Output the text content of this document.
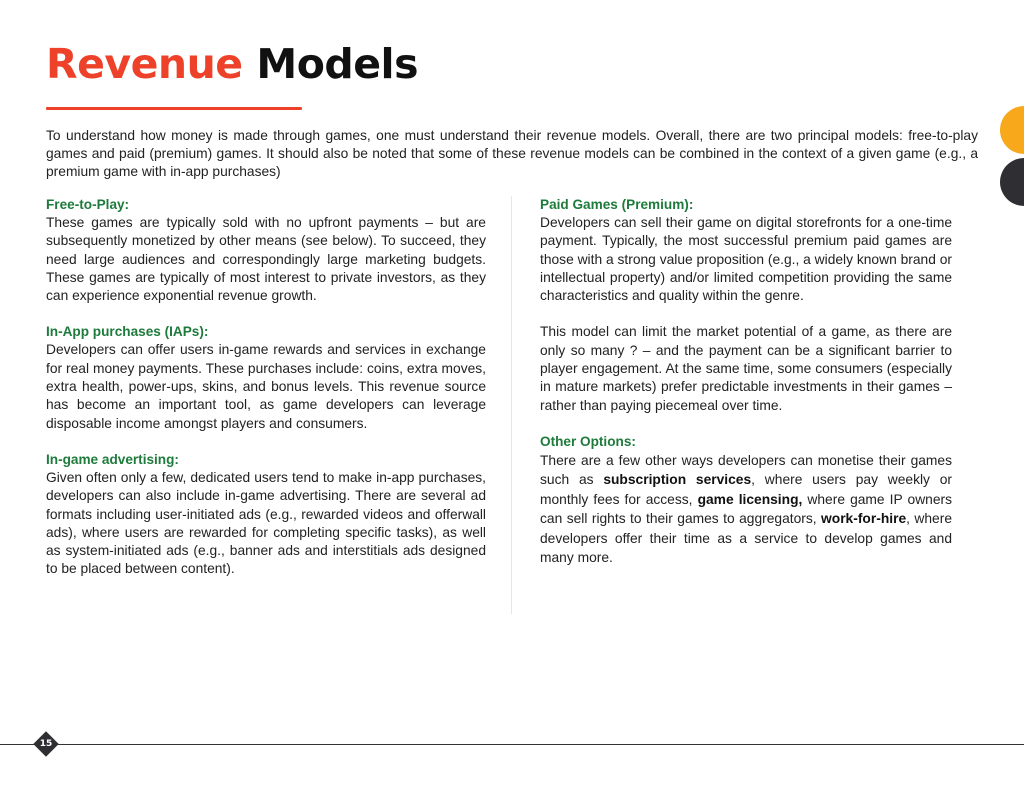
Revenue Models

To understand how money is made through games, one must understand their revenue models. Overall, there are two principal models: free-to-play games and paid (premium) games. It should also be noted that some of these revenue models can be combined in the context of a given game (e.g., a premium game with in-app purchases)

Free-to-Play:

These games are typically sold with no upfront payments – but are subsequently monetized by other means (see below). To succeed, they need large audiences and correspondingly large marketing budgets. These games are typically of most interest to private investors, as they can experience exponential revenue growth.

In-App purchases (IAPs):

Developers can offer users in-game rewards and services in exchange for real money payments. These purchases include: coins, extra moves, extra health, power-ups, skins, and bonus levels. This revenue source has become an important tool, as game developers can leverage disposable income amongst players and consumers.

In-game advertising:

Given often only a few, dedicated users tend to make in-app purchases, developers can also include in-game advertising. There are several ad formats including user-initiated ads (e.g., rewarded videos and offerwall ads), where users are rewarded for completing specific tasks), as well as system-initiated ads (e.g., banner ads and interstitials ads designed to be placed between content).

Paid Games (Premium):

Developers can sell their game on digital storefronts for a one-time payment. Typically, the most successful premium paid games are those with a strong value proposition (e.g., a widely known brand or intellectual property) and/or limited competition providing the same characteristics and quality within the genre.

This model can limit the market potential of a game, as there are only so many ? – and the payment can be a significant barrier to player engagement. At the same time, some consumers (especially in mature markets) prefer predictable investments in their games – rather than paying piecemeal over time.

Other Options:

There are a few other ways developers can monetise their games such as subscription services, where users pay weekly or monthly fees for access, game licensing, where game IP owners can sell rights to their games to aggregators, work-for-hire, where developers offer their time as a service to develop games and many more.

15
